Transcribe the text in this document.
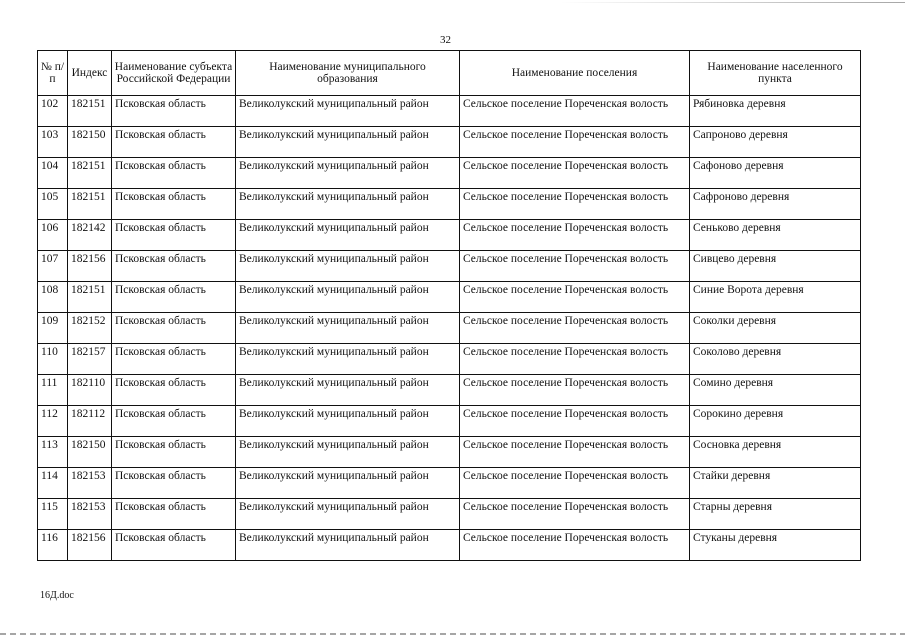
32
№ п/п	Индекс	Наименование субъекта Российской Федерации	Наименование муниципального образования	Наименование поселения	Наименование населенного пункта
102	182151	Псковская область	Великолукский муниципальный район	Сельское поселение Пореченская волость	Рябиновка деревня
103	182150	Псковская область	Великолукский муниципальный район	Сельское поселение Пореченская волость	Сапроново деревня
104	182151	Псковская область	Великолукский муниципальный район	Сельское поселение Пореченская волость	Сафоново деревня
105	182151	Псковская область	Великолукский муниципальный район	Сельское поселение Пореченская волость	Сафроново деревня
106	182142	Псковская область	Великолукский муниципальный район	Сельское поселение Пореченская волость	Сеньково деревня
107	182156	Псковская область	Великолукский муниципальный район	Сельское поселение Пореченская волость	Сивцево деревня
108	182151	Псковская область	Великолукский муниципальный район	Сельское поселение Пореченская волость	Синие Ворота деревня
109	182152	Псковская область	Великолукский муниципальный район	Сельское поселение Пореченская волость	Соколки деревня
110	182157	Псковская область	Великолукский муниципальный район	Сельское поселение Пореченская волость	Соколово деревня
111	182110	Псковская область	Великолукский муниципальный район	Сельское поселение Пореченская волость	Сомино деревня
112	182112	Псковская область	Великолукский муниципальный район	Сельское поселение Пореченская волость	Сорокино деревня
113	182150	Псковская область	Великолукский муниципальный район	Сельское поселение Пореченская волость	Сосновка деревня
114	182153	Псковская область	Великолукский муниципальный район	Сельское поселение Пореченская волость	Стайки деревня
115	182153	Псковская область	Великолукский муниципальный район	Сельское поселение Пореченская волость	Старны деревня
116	182156	Псковская область	Великолукский муниципальный район	Сельское поселение Пореченская волость	Стуканы деревня
16Д.doc
